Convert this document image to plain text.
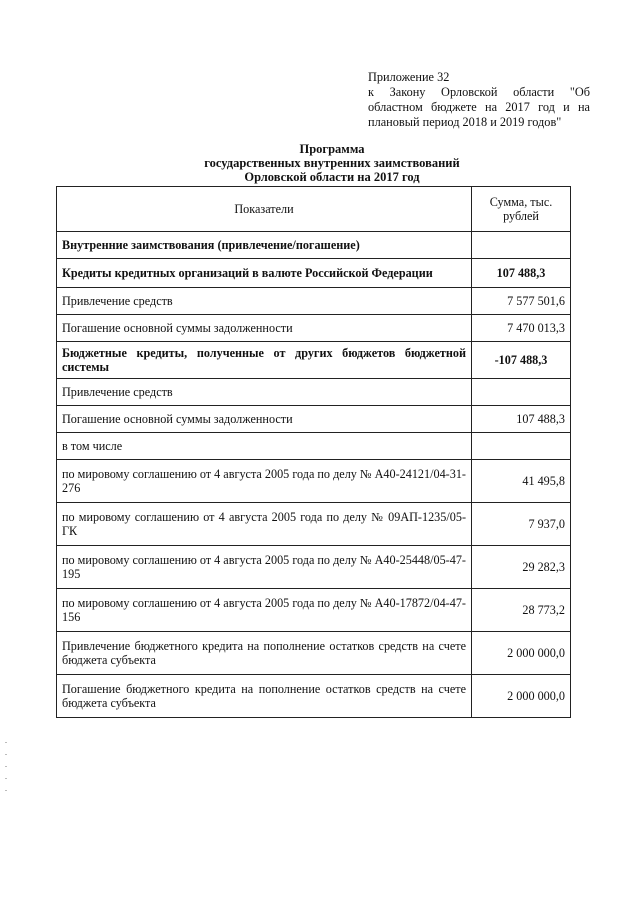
Приложение 32
к Закону Орловской области "Об областном бюджете на 2017 год и на плановый период 2018 и 2019 годов"
Программа
государственных внутренних заимствований
Орловской области на 2017 год
Показатели	Сумма, тыс. рублей
Внутренние заимствования (привлечение/погашение)	
Кредиты кредитных организаций в валюте Российской Федерации	107 488,3
Привлечение средств	7 577 501,6
Погашение основной суммы задолженности	7 470 013,3
Бюджетные кредиты, полученные от других бюджетов бюджетной системы	-107 488,3
Привлечение средств	
Погашение основной суммы задолженности	107 488,3
в том числе	
по мировому соглашению от 4 августа 2005 года по делу № А40-24121/04-31-276	41 495,8
по мировому соглашению от 4 августа 2005 года по делу № 09АП-1235/05-ГК	7 937,0
по мировому соглашению от 4 августа 2005 года по делу № А40-25448/05-47-195	29 282,3
по мировому соглашению от 4 августа 2005 года по делу № А40-17872/04-47-156	28 773,2
Привлечение бюджетного кредита на пополнение остатков средств на счете бюджета субъекта	2 000 000,0
Погашение бюджетного кредита на пополнение остатков средств на счете бюджета субъекта	2 000 000,0
